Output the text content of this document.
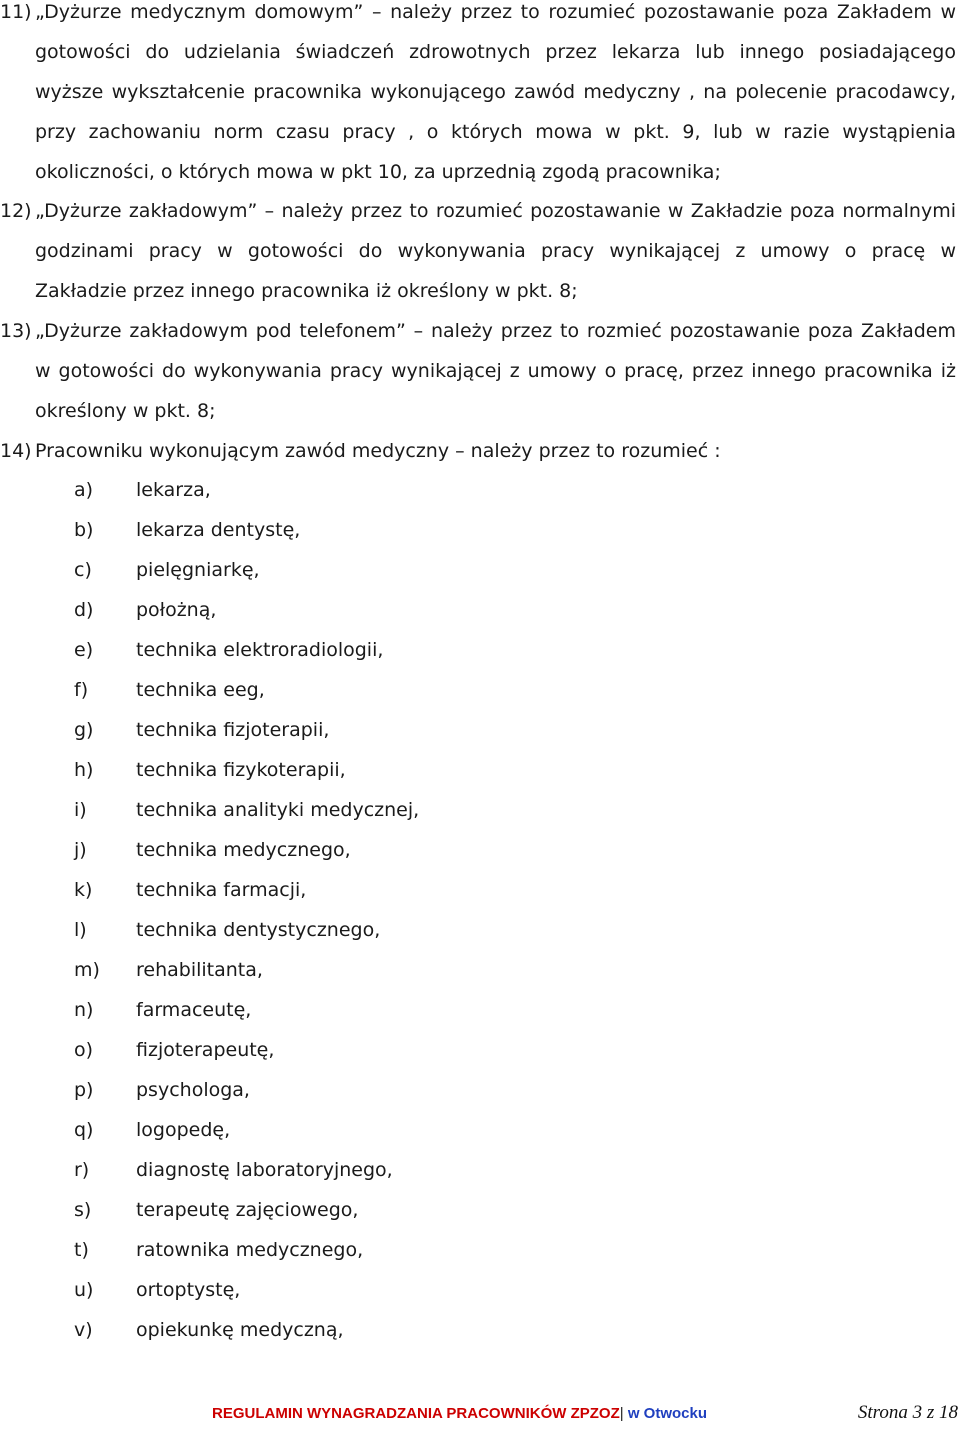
11) „Dyżurze medycznym domowym” – należy przez to rozumieć pozostawanie poza Zakładem w
gotowości do udzielania świadczeń zdrowotnych przez lekarza lub innego posiadającego
wyższe wykształcenie pracownika wykonującego zawód medyczny , na polecenie pracodawcy,
przy zachowaniu norm czasu pracy , o których mowa w pkt. 9, lub w razie wystąpienia
okoliczności, o których mowa w pkt 10, za uprzednią zgodą pracownika;
12) „Dyżurze zakładowym” – należy przez to rozumieć pozostawanie w Zakładzie poza normalnymi
godzinami pracy w gotowości do wykonywania pracy wynikającej z umowy o pracę w
Zakładzie przez innego pracownika iż określony w pkt. 8;
13) „Dyżurze zakładowym pod telefonem” – należy przez to rozmieć pozostawanie poza Zakładem
w gotowości do wykonywania pracy wynikającej z umowy o pracę, przez innego pracownika iż
określony w pkt. 8;
14) Pracowniku wykonującym zawód medyczny – należy przez to rozumieć :
a) lekarza,
b) lekarza dentystę,
c) pielęgniarkę,
d) położną,
e) technika elektroradiologii,
f)	technika eeg,
g) technika fizjoterapii,
h) technika fizykoterapii,
i)	technika analityki medycznej,
j)	technika medycznego,
k) technika farmacji,
l)	technika dentystycznego,
m) rehabilitanta,
n) farmaceutę,
o) fizjoterapeutę,
p) psychologa,
q) logopedę,
r) diagnostę laboratoryjnego,
s) terapeutę zajęciowego,
t) ratownika medycznego,
u) ortoptystę,
v) opiekunkę medyczną,
REGULAMIN WYNAGRADZANIA PRACOWNIKÓW ZPZOZ| w Otwocku	Strona 3 z 18
